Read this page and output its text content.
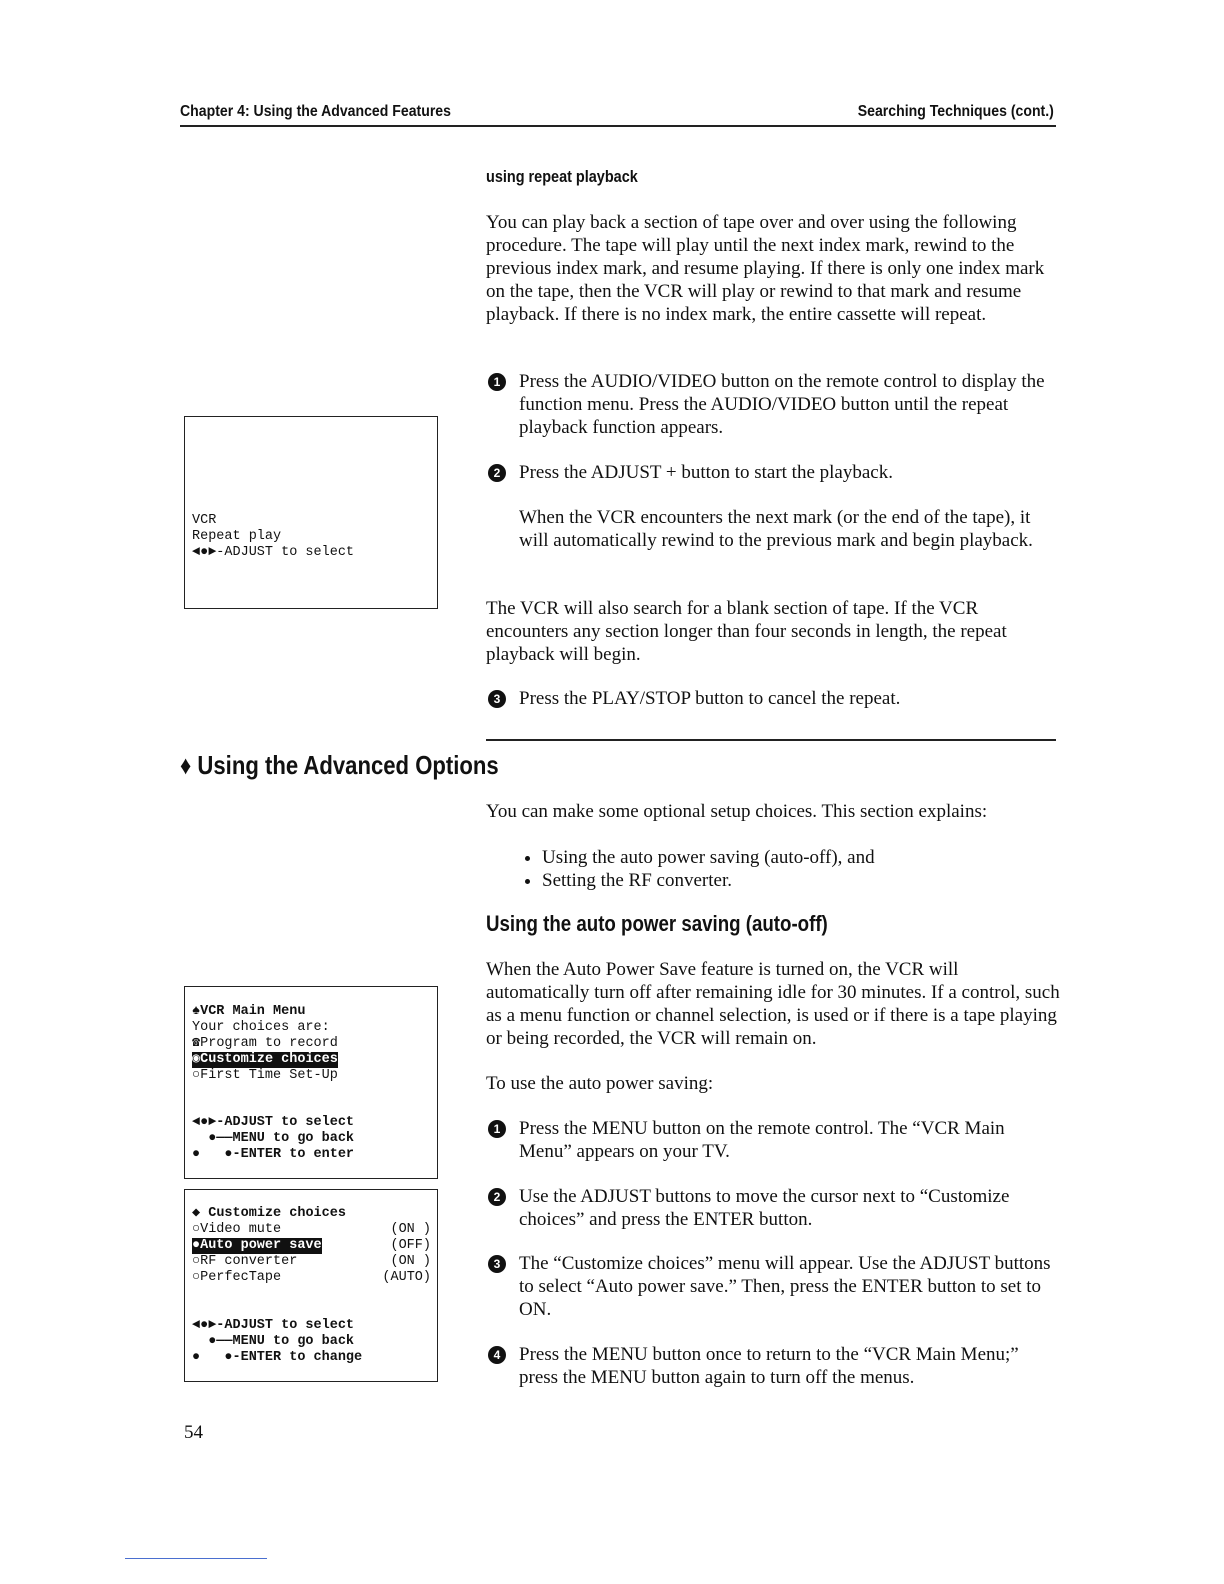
Chapter 4: Using the Advanced Features	Searching Techniques (cont.)
using repeat playback
You can play back a section of tape over and over using the following procedure. The tape will play until the next index mark, rewind to the previous index mark, and resume playing. If there is only one index mark on the tape, then the VCR will play or rewind to that mark and resume playback. If there is no index mark, the entire cassette will repeat.
1 Press the AUDIO/VIDEO button on the remote control to display the function menu. Press the AUDIO/VIDEO button until the repeat playback function appears.
2 Press the ADJUST + button to start the playback.
When the VCR encounters the next mark (or the end of the tape), it will automatically rewind to the previous mark and begin playback.
The VCR will also search for a blank section of tape. If the VCR encounters any section longer than four seconds in length, the repeat playback will begin.
3 Press the PLAY/STOP button to cancel the repeat.
VCR
Repeat play
◄●►-ADJUST to select
♦ Using the Advanced Options
You can make some optional setup choices. This section explains:
• Using the auto power saving (auto-off), and
• Setting the RF converter.
Using the auto power saving (auto-off)
When the Auto Power Save feature is turned on, the VCR will automatically turn off after remaining idle for 30 minutes. If a control, such as a menu function or channel selection, is used or if there is a tape playing or being recorded, the VCR will remain on.
To use the auto power saving:
1 Press the MENU button on the remote control. The “VCR Main Menu” appears on your TV.
2 Use the ADJUST buttons to move the cursor next to “Customize choices” and press the ENTER button.
3 The “Customize choices” menu will appear. Use the ADJUST buttons to select “Auto power save.” Then, press the ENTER button to set to ON.
4 Press the MENU button once to return to the “VCR Main Menu;” press the MENU button again to turn off the menus.
♠VCR Main Menu
Your choices are:
☎Program to record
◉Customize choices
○First Time Set-Up
◄●►-ADJUST to select
●——MENU to go back
●   ●-ENTER to enter
◆ Customize choices
○Video mute	(ON )
●Auto power save	(OFF)
○RF converter	(ON )
○PerfecTape	(AUTO)
◄●►-ADJUST to select
●——MENU to go back
●   ●-ENTER to change
54
